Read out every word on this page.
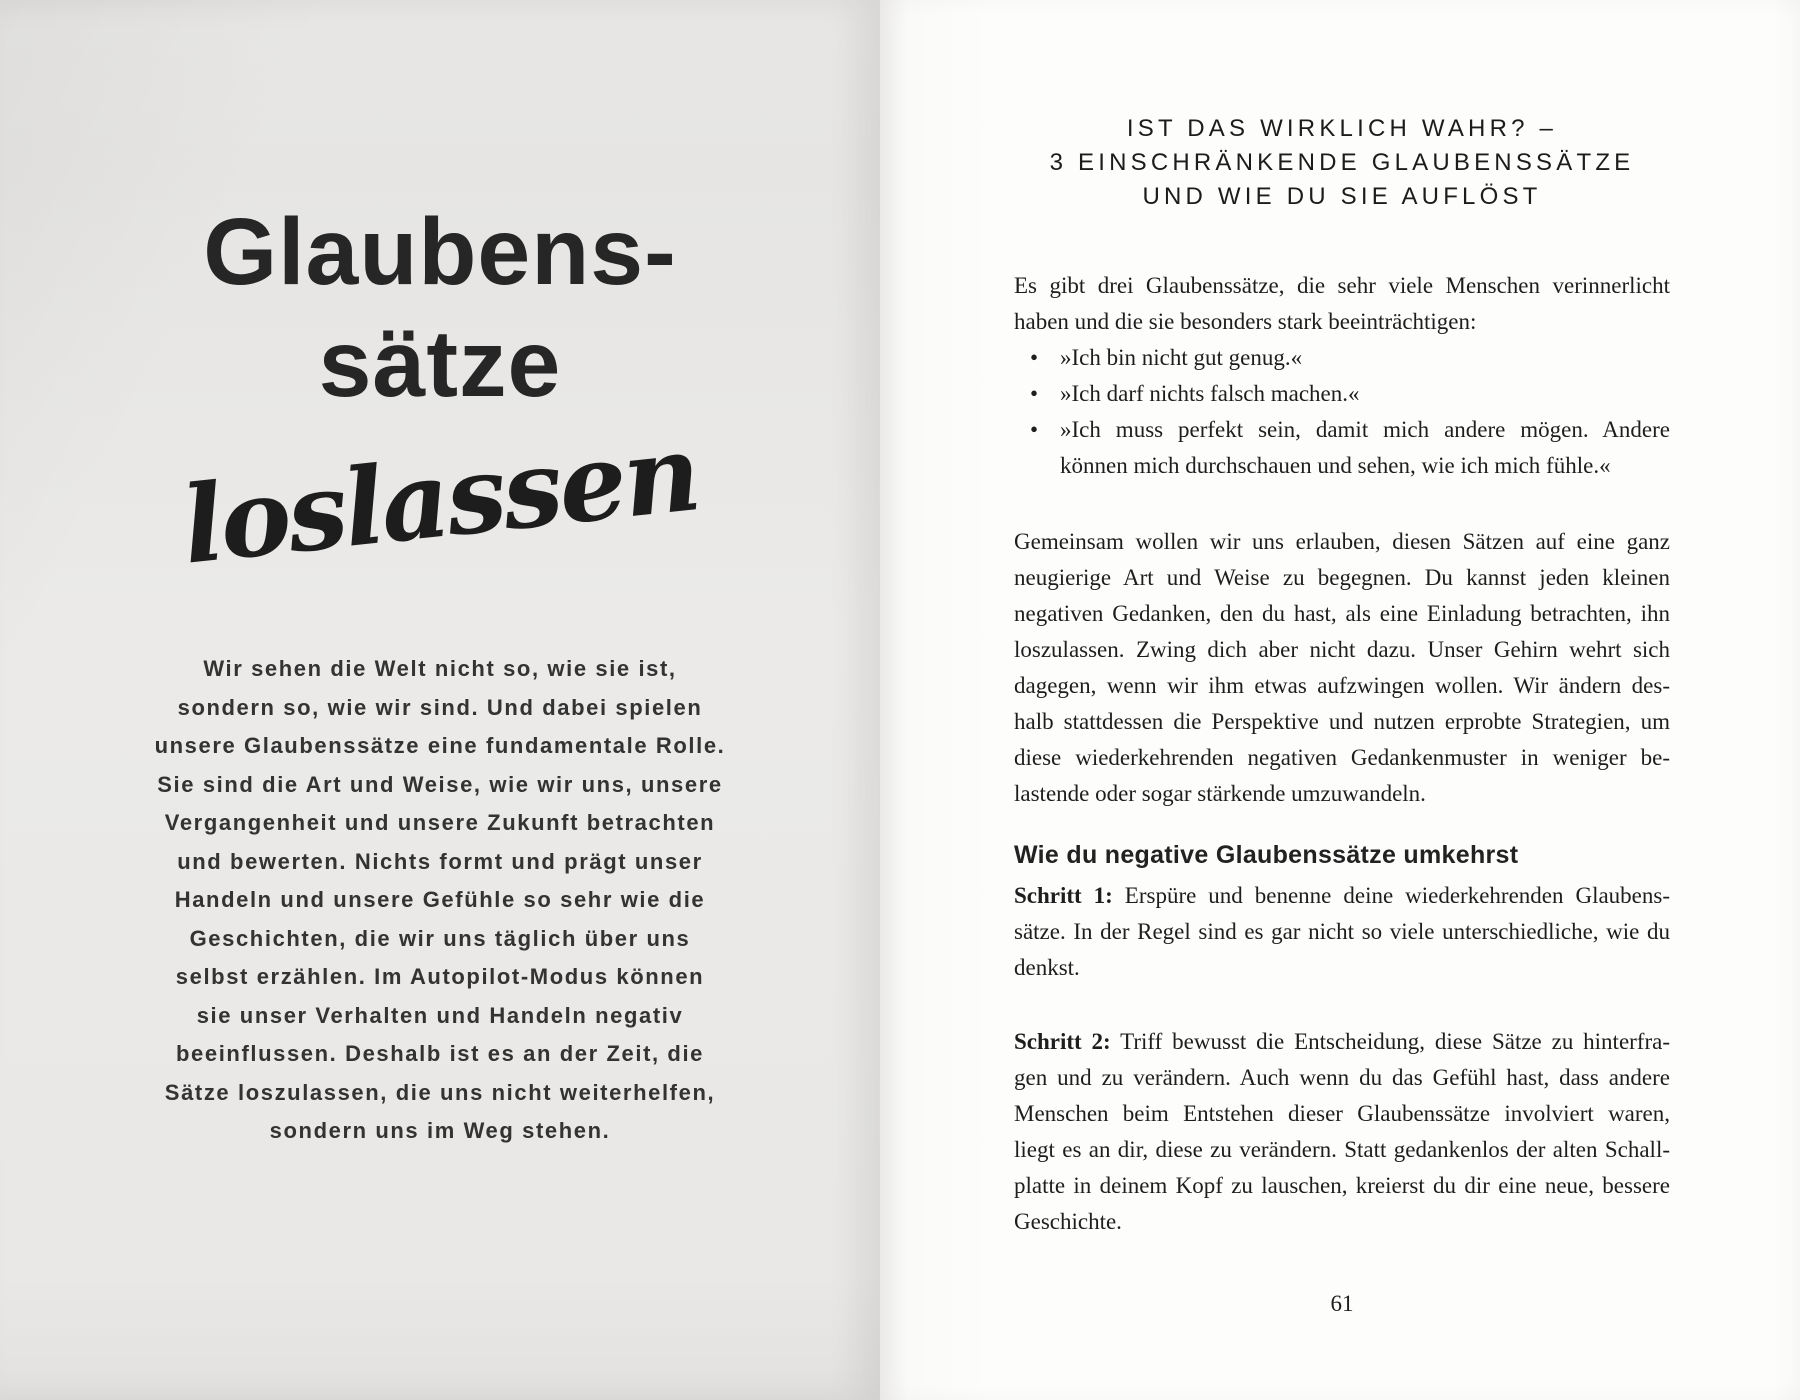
Glaubens-
sätze
loslassen
Wir sehen die Welt nicht so, wie sie ist,
sondern so, wie wir sind. Und dabei spielen
unsere Glaubenssätze eine fundamentale Rolle.
Sie sind die Art und Weise, wie wir uns, unsere
Vergangenheit und unsere Zukunft betrachten
und bewerten. Nichts formt und prägt unser
Handeln und unsere Gefühle so sehr wie die
Geschichten, die wir uns täglich über uns
selbst erzählen. Im Autopilot-Modus können
sie unser Verhalten und Handeln negativ
beeinflussen. Deshalb ist es an der Zeit, die
Sätze loszulassen, die uns nicht weiterhelfen,
sondern uns im Weg stehen.
IST DAS WIRKLICH WAHR? –
3 EINSCHRÄNKENDE GLAUBENSSÄTZE
UND WIE DU SIE AUFLÖST
Es gibt drei Glaubenssätze, die sehr viele Menschen verinnerlicht
haben und die sie besonders stark beeinträchtigen:
• »Ich bin nicht gut genug.«
• »Ich darf nichts falsch machen.«
• »Ich muss perfekt sein, damit mich andere mögen. Andere
können mich durchschauen und sehen, wie ich mich fühle.«
Gemeinsam wollen wir uns erlauben, diesen Sätzen auf eine ganz
neugierige Art und Weise zu begegnen. Du kannst jeden kleinen
negativen Gedanken, den du hast, als eine Einladung betrachten, ihn
loszulassen. Zwing dich aber nicht dazu. Unser Gehirn wehrt sich
dagegen, wenn wir ihm etwas aufzwingen wollen. Wir ändern des-
halb stattdessen die Perspektive und nutzen erprobte Strategien, um
diese wiederkehrenden negativen Gedankenmuster in weniger be-
lastende oder sogar stärkende umzuwandeln.
Wie du negative Glaubenssätze umkehrst
Schritt 1: Erspüre und benenne deine wiederkehrenden Glaubens-
sätze. In der Regel sind es gar nicht so viele unterschiedliche, wie du
denkst.
Schritt 2: Triff bewusst die Entscheidung, diese Sätze zu hinterfra-
gen und zu verändern. Auch wenn du das Gefühl hast, dass andere
Menschen beim Entstehen dieser Glaubenssätze involviert waren,
liegt es an dir, diese zu verändern. Statt gedankenlos der alten Schall-
platte in deinem Kopf zu lauschen, kreierst du dir eine neue, bessere
Geschichte.
61
